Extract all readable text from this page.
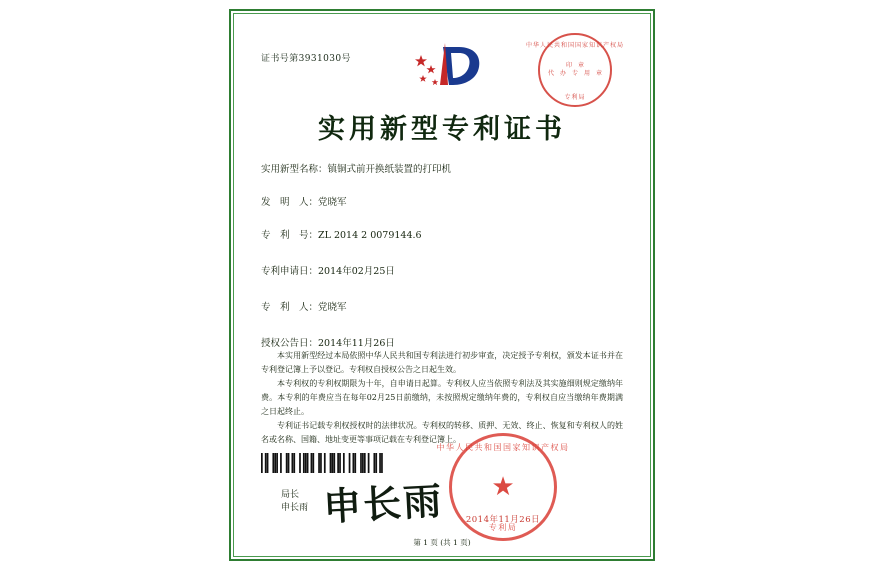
证书号第3931030号
中华人民共和国国家知识产权局
印　章
代　办　专　用　章
专利局
实用新型专利证书
实用新型名称：镇铜式前开换纸装置的打印机
发　明　人：党晓军
专　利　号：ZL 2014 2 0079144.6
专利申请日：2014年02月25日
专　利　人：党晓军
授权公告日：2014年11月26日

本实用新型经过本局依照中华人民共和国专利法进行初步审查，决定授予专利权，颁发本证书并在专利登记簿上予以登记。专利权自授权公告之日起生效。

本专利权的专利权期限为十年，自申请日起算。专利权人应当依照专利法及其实施细则规定缴纳年费。本专利的年费应当在每年02月25日前缴纳，未按照规定缴纳年费的，专利权自应当缴纳年费期满之日起终止。

专利证书记载专利权授权时的法律状况。专利权的转移、质押、无效、终止、恢复和专利权人的姓名或名称、国籍、地址变更等事项记载在专利登记簿上。

局长
申长雨 申长雨
中华人民共和国国家知识产权局
★
专利局
2014年11月26日
第 1 页 (共 1 页)
